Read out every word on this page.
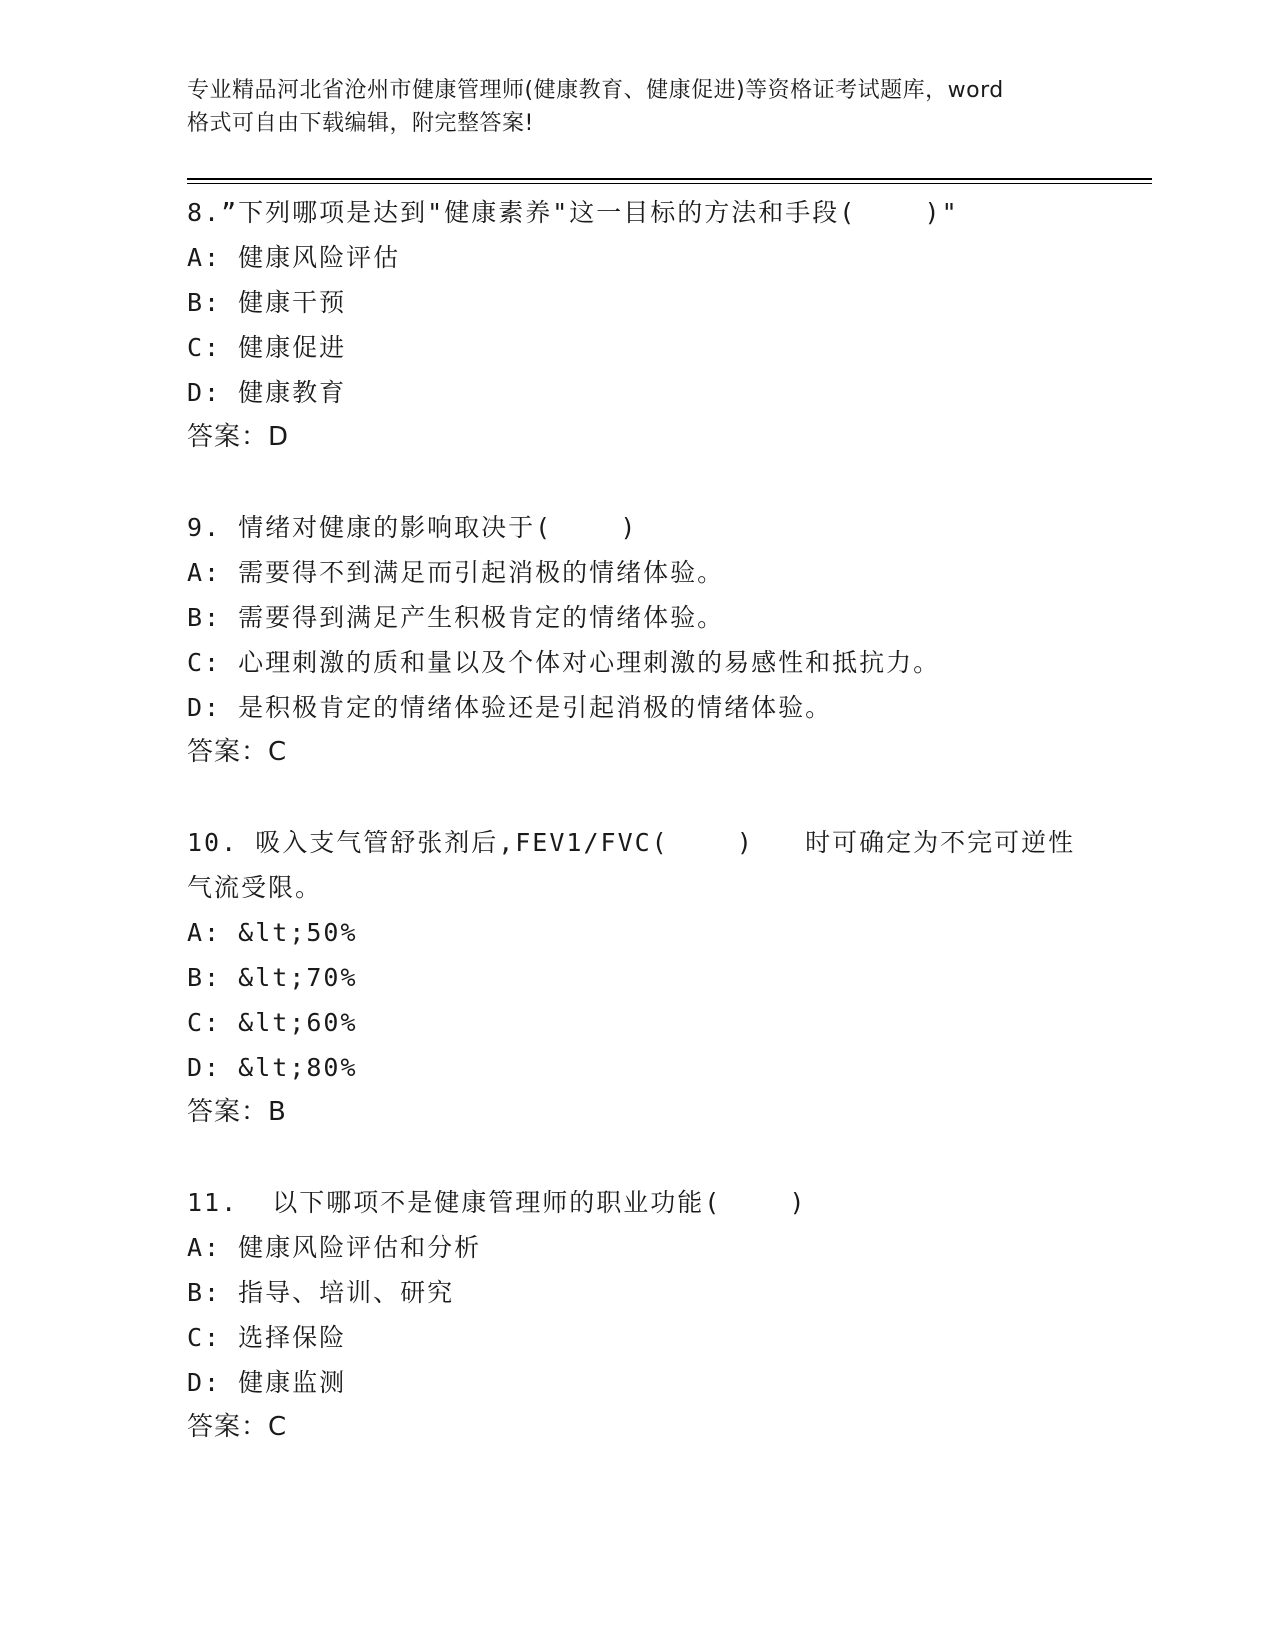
专业精品河北省沧州市健康管理师(健康教育、健康促进)等资格证考试题库，word
格式可自由下载编辑，附完整答案!
8.”下列哪项是达到"健康素养"这一目标的方法和手段(    )"
A: 健康风险评估
B: 健康干预
C: 健康促进
D: 健康教育
答案：D
9. 情绪对健康的影响取决于(    )
A: 需要得不到满足而引起消极的情绪体验。
B: 需要得到满足产生积极肯定的情绪体验。
C: 心理刺激的质和量以及个体对心理刺激的易感性和抵抗力。
D: 是积极肯定的情绪体验还是引起消极的情绪体验。
答案：C
10. 吸入支气管舒张剂后,FEV1/FVC(    )   时可确定为不完可逆性
气流受限。
A: &lt;50%
B: &lt;70%
C: &lt;60%
D: &lt;80%
答案：B
11.  以下哪项不是健康管理师的职业功能(    )
A: 健康风险评估和分析
B: 指导、培训、研究
C: 选择保险
D: 健康监测
答案：C
